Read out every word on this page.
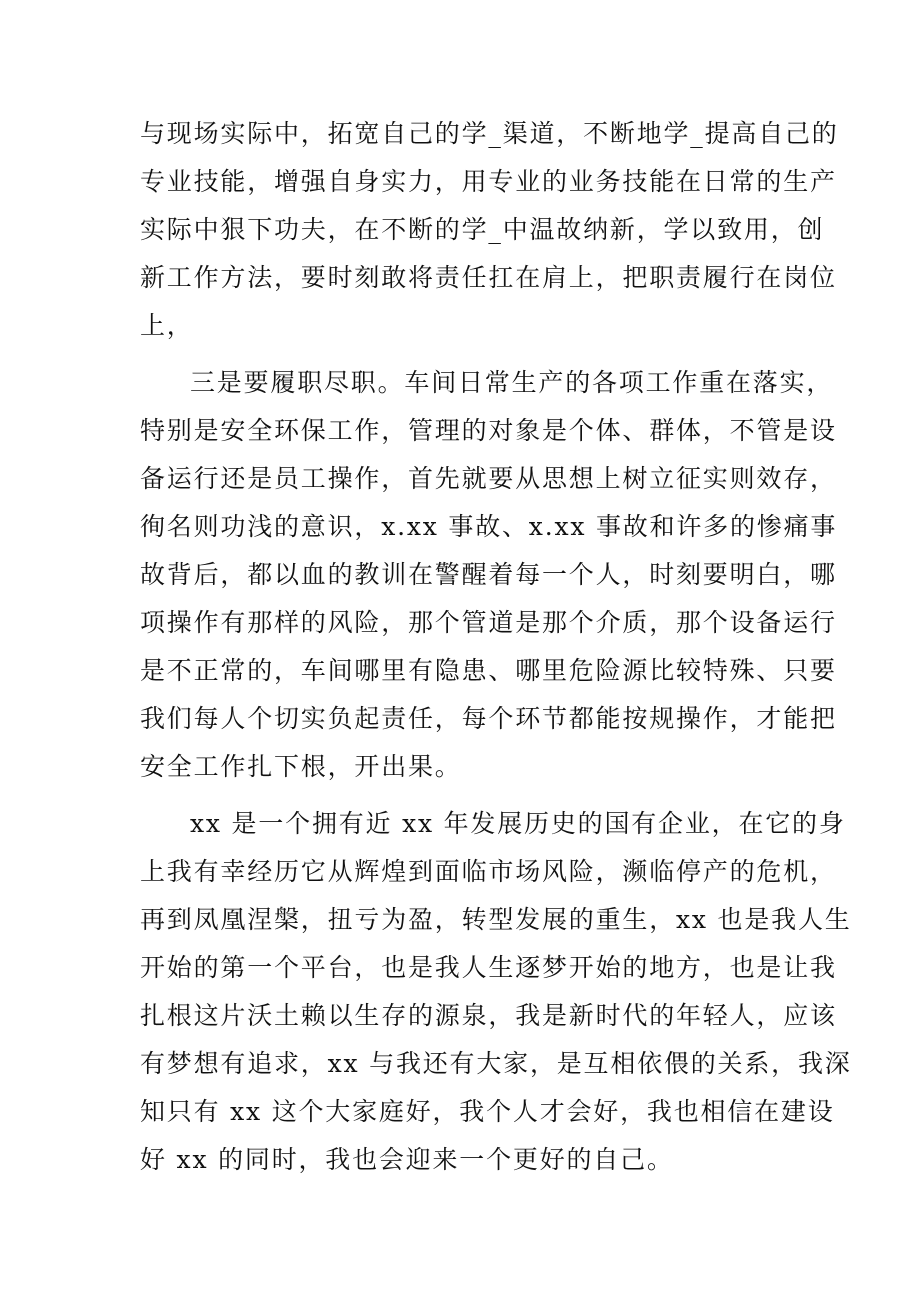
与现场实际中，拓宽自己的学_渠道，不断地学_提高自己的
专业技能，增强自身实力，用专业的业务技能在日常的生产
实际中狠下功夫，在不断的学_中温故纳新，学以致用，创
新工作方法，要时刻敢将责任扛在肩上，把职责履行在岗位
上，
三是要履职尽职。车间日常生产的各项工作重在落实，
特别是安全环保工作，管理的对象是个体、群体，不管是设
备运行还是员工操作，首先就要从思想上树立征实则效存，
徇名则功浅的意识，x.xx 事故、x.xx 事故和许多的惨痛事
故背后，都以血的教训在警醒着每一个人，时刻要明白，哪
项操作有那样的风险，那个管道是那个介质，那个设备运行
是不正常的，车间哪里有隐患、哪里危险源比较特殊、只要
我们每人个切实负起责任，每个环节都能按规操作，才能把
安全工作扎下根，开出果。
xx 是一个拥有近 xx 年发展历史的国有企业，在它的身
上我有幸经历它从辉煌到面临市场风险，濒临停产的危机，
再到凤凰涅槃，扭亏为盈，转型发展的重生，xx 也是我人生
开始的第一个平台，也是我人生逐梦开始的地方，也是让我
扎根这片沃土赖以生存的源泉，我是新时代的年轻人，应该
有梦想有追求，xx 与我还有大家，是互相依偎的关系，我深
知只有 xx 这个大家庭好，我个人才会好，我也相信在建设
好 xx 的同时，我也会迎来一个更好的自己。
